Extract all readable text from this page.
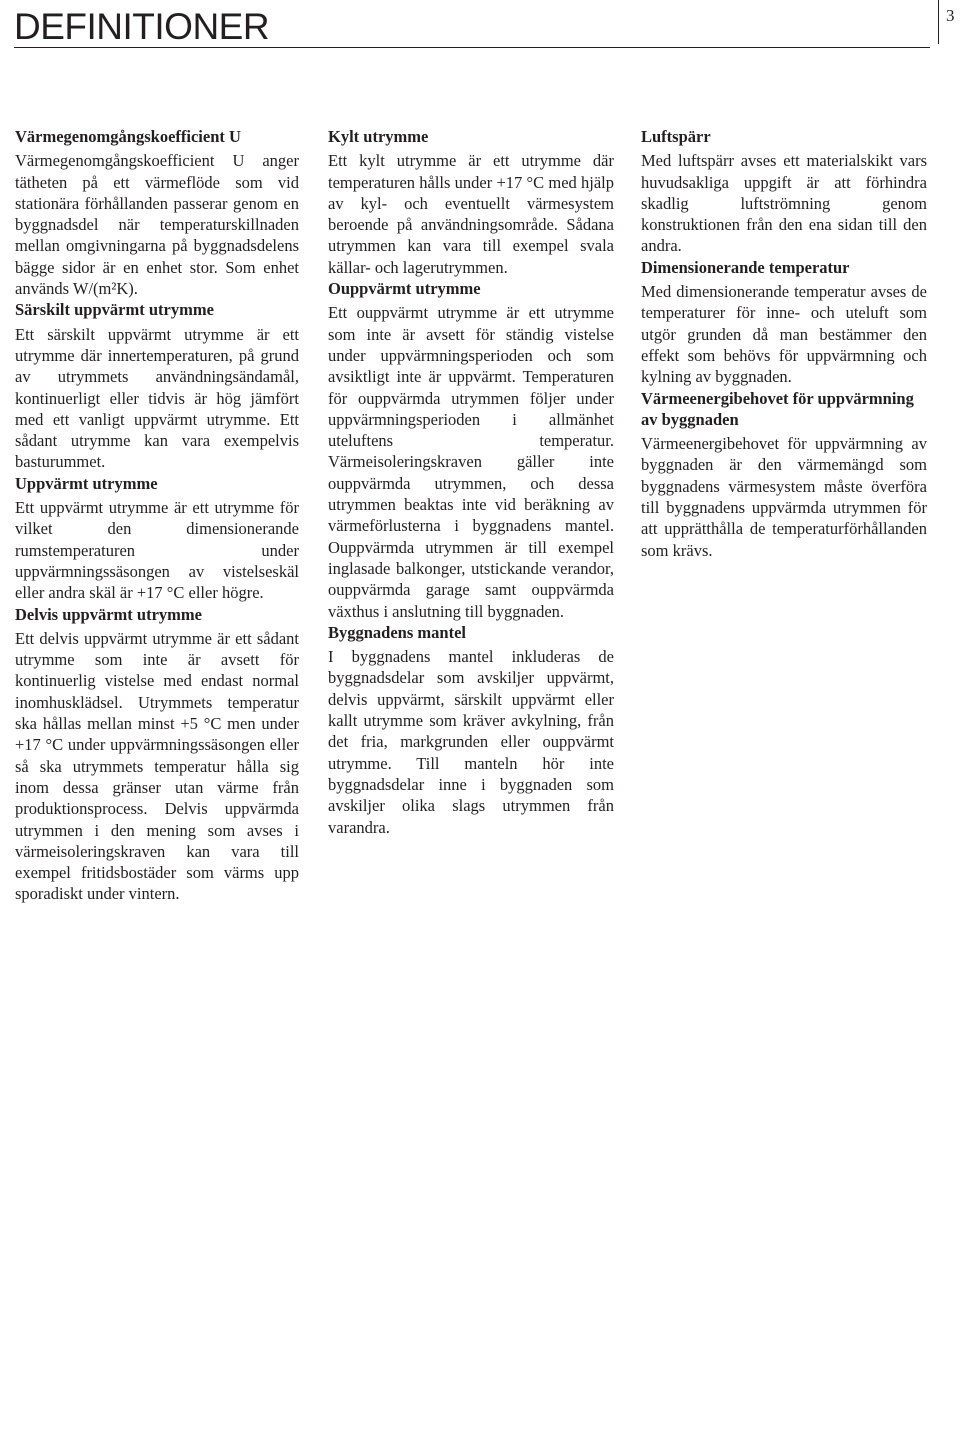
DEFINITIONER	3
Värmegenomgångskoefficient U

Värmegenomgångskoefficient U anger tätheten på ett värmeflöde som vid stationära förhållanden passerar genom en byggnadsdel när temperaturskillnaden mellan omgivningarna på byggnadsdelens bägge sidor är en enhet stor. Som enhet används W/(m²K).

Särskilt uppvärmt utrymme

Ett särskilt uppvärmt utrymme är ett utrymme där innertemperaturen, på grund av utrymmets användningsändamål, kontinuerligt eller tidvis är hög jämfört med ett vanligt uppvärmt utrymme. Ett sådant utrymme kan vara exempelvis basturummet.

Uppvärmt utrymme

Ett uppvärmt utrymme är ett utrymme för vilket den dimensionerande rumstemperaturen under uppvärmningssäsongen av vistelseskäl eller andra skäl är +17 °C eller högre.

Delvis uppvärmt utrymme

Ett delvis uppvärmt utrymme är ett sådant utrymme som inte är avsett för kontinuerlig vistelse med endast normal inomhusklädsel. Utrymmets temperatur ska hållas mellan minst +5 °C men under +17 °C under uppvärmningssäsongen eller så ska utrymmets temperatur hålla sig inom dessa gränser utan värme från produktionsprocess. Delvis uppvärmda utrymmen i den mening som avses i värmeisoleringskraven kan vara till exempel fritidsbostäder som värms upp sporadiskt under vintern.

Kylt utrymme

Ett kylt utrymme är ett utrymme där temperaturen hålls under +17 °C med hjälp av kyl- och eventuellt värmesystem beroende på användningsområde. Sådana utrymmen kan vara till exempel svala källar- och lagerutrymmen.

Ouppvärmt utrymme

Ett ouppvärmt utrymme är ett utrymme som inte är avsett för ständig vistelse under uppvärmningsperioden och som avsiktligt inte är uppvärmt. Temperaturen för ouppvärmda utrymmen följer under uppvärmningsperioden i allmänhet uteluftens temperatur. Värmeisoleringskraven gäller inte ouppvärmda utrymmen, och dessa utrymmen beaktas inte vid beräkning av värmeförlusterna i byggnadens mantel. Ouppvärmda utrymmen är till exempel inglasade balkonger, utstickande verandor, ouppvärmda garage samt ouppvärmda växthus i anslutning till byggnaden.

Byggnadens mantel

I byggnadens mantel inkluderas de byggnadsdelar som avskiljer uppvärmt, delvis uppvärmt, särskilt uppvärmt eller kallt utrymme som kräver avkylning, från det fria, markgrunden eller ouppvärmt utrymme. Till manteln hör inte byggnadsdelar inne i byggnaden som avskiljer olika slags utrymmen från varandra.

Luftspärr

Med luftspärr avses ett materialskikt vars huvudsakliga uppgift är att förhindra skadlig luftströmning genom konstruktionen från den ena sidan till den andra.

Dimensionerande temperatur

Med dimensionerande temperatur avses de temperaturer för inne- och uteluft som utgör grunden då man bestämmer den effekt som behövs för uppvärmning och kylning av byggnaden.

Värmeenergibehovet för uppvärmning av byggnaden

Värmeenergibehovet för uppvärmning av byggnaden är den värmemängd som byggnadens värmesystem måste överföra till byggnadens uppvärmda utrymmen för att upprätthålla de temperaturförhållanden som krävs.
